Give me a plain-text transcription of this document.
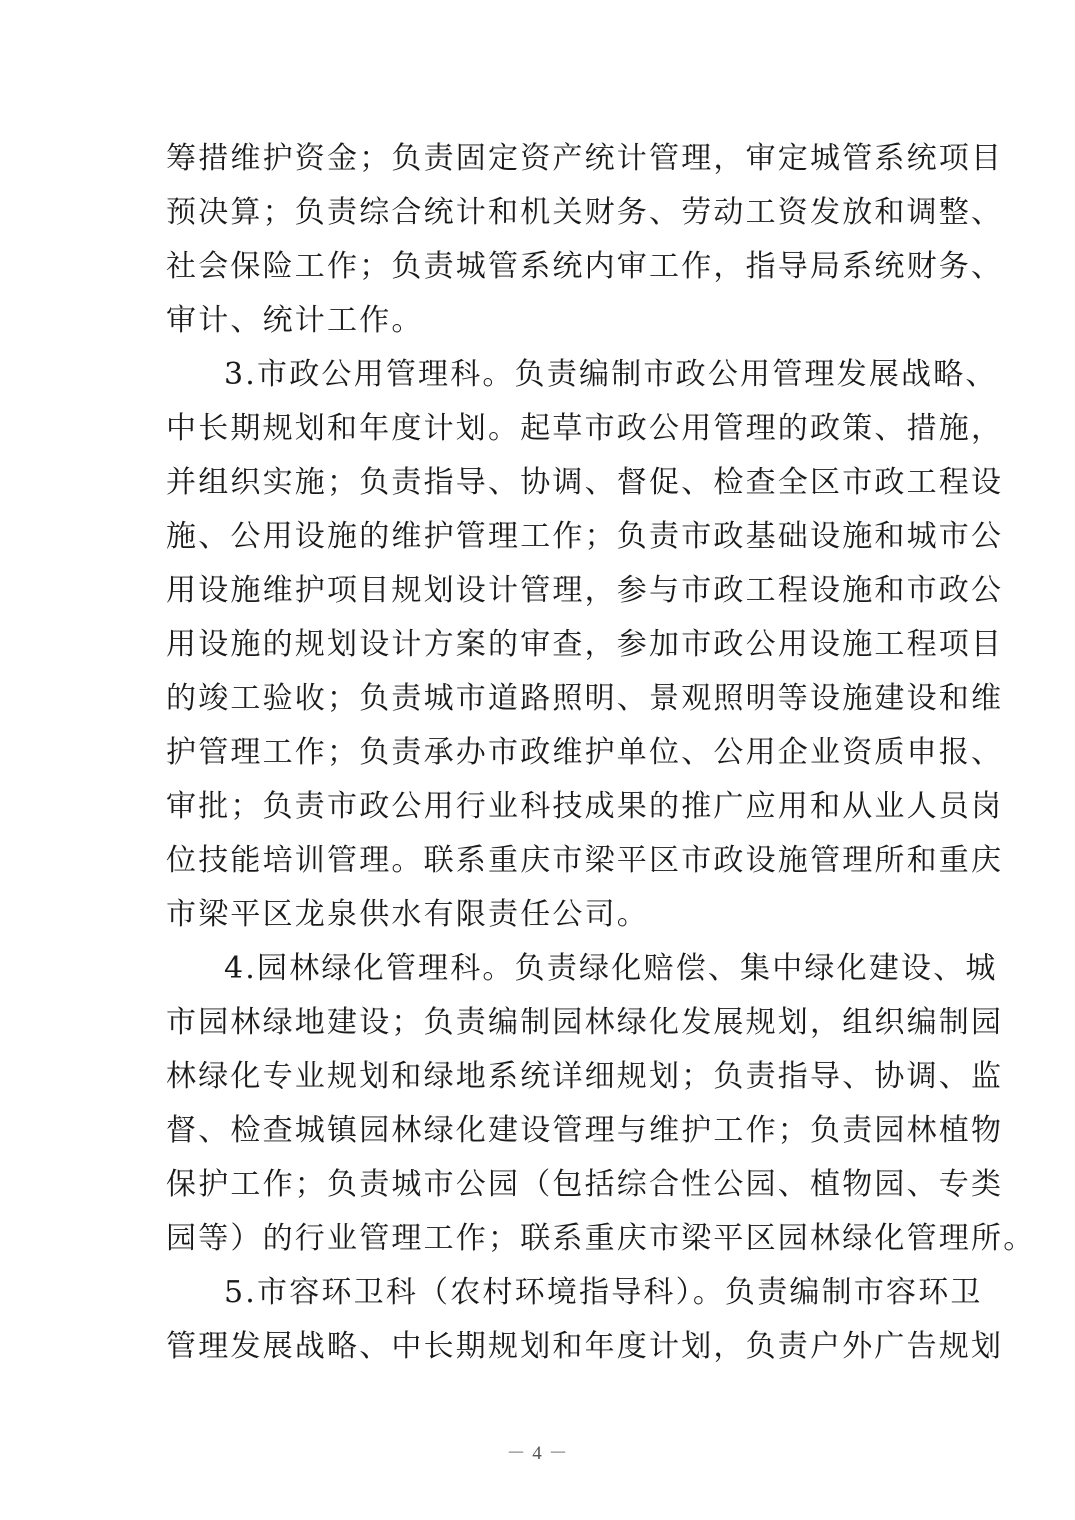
筹措维护资金；负责固定资产统计管理，审定城管系统项目
预决算；负责综合统计和机关财务、劳动工资发放和调整、
社会保险工作；负责城管系统内审工作，指导局系统财务、
审计、统计工作。
3.市政公用管理科。负责编制市政公用管理发展战略、
中长期规划和年度计划。起草市政公用管理的政策、措施，
并组织实施；负责指导、协调、督促、检查全区市政工程设
施、公用设施的维护管理工作；负责市政基础设施和城市公
用设施维护项目规划设计管理，参与市政工程设施和市政公
用设施的规划设计方案的审查，参加市政公用设施工程项目
的竣工验收；负责城市道路照明、景观照明等设施建设和维
护管理工作；负责承办市政维护单位、公用企业资质申报、
审批；负责市政公用行业科技成果的推广应用和从业人员岗
位技能培训管理。联系重庆市梁平区市政设施管理所和重庆
市梁平区龙泉供水有限责任公司。
4.园林绿化管理科。负责绿化赔偿、集中绿化建设、城
市园林绿地建设；负责编制园林绿化发展规划，组织编制园
林绿化专业规划和绿地系统详细规划；负责指导、协调、监
督、检查城镇园林绿化建设管理与维护工作；负责园林植物
保护工作；负责城市公园（包括综合性公园、植物园、专类
园等）的行业管理工作；联系重庆市梁平区园林绿化管理所。
5.市容环卫科（农村环境指导科）。负责编制市容环卫
管理发展战略、中长期规划和年度计划，负责户外广告规划
－ 4 －
